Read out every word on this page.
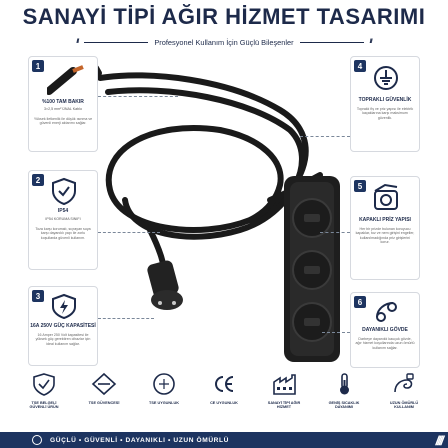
SANAYİ TİPİ AĞIR HİZMET TASARIMI
///	Profesyonel Kullanım İçin Güçlü Bileşenler	///
1
%100 TAM BAKIR
3×2,5 mm² ÜNAL Kablo
Yüksek iletkenlik ile düşük ısınma ve güvenli enerji aktarımı sağlar.
2
IP54
IP54 KORUMA SINIFI
Toza karşı korumalı, sıçrayan suya karşı dayanıklı yapı ile zorlu koşullarda güvenli kullanım.
3
16A 250V GÜÇ KAPASİTESİ
16 Amper 250 Volt kapasitesi ile yüksek güç gerektiren cihazlar için ideal kullanım sağlar.
4
TOPRAKLI GÜVENLİK
Topraklı fiş ve priz yapısı ile elektrik kaçaklarına karşı maksimum güvenlik.
5
KAPAKLI PRİZ YAPISI
Her bir prizde bulunan koruyucu kapaklar, toz ve nem girişini engeller, kullanılmadığında priz girişlerini korur.
6
DAYANIKLI GÖVDE
Darbeye dayanıklı kauçuk gövde, ağır hizmet koşullarında uzun ömürlü kullanım sağlar.
TSE BELGELİ GÜVENLİ ÜRÜN
TSE GÜVENCESİ	TSE UYGUNLUK	CE UYGUNLUK	SANAYİ TİPİ AĞIR HİZMET
GENİŞ SICAKLIK DAYANIMI
UZUN ÖMÜRLÜ KULLANIM
GÜÇLÜ • GÜVENLİ • DAYANIKLI • UZUN ÖMÜRLÜ	////
